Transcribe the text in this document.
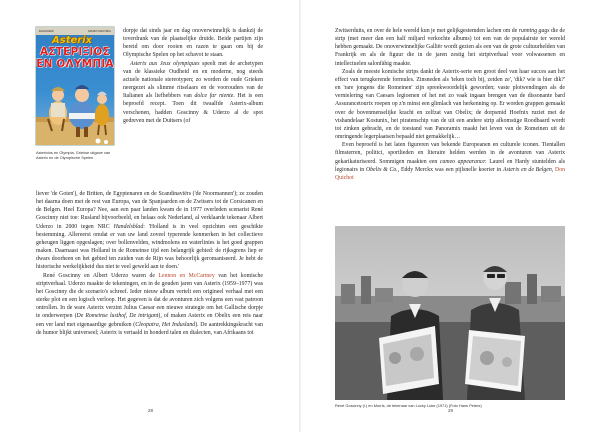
ΕΚΔΟΣΕΙΣ	ΜΑΜΟΥΘΚΟΜΙΞ
Asterix
ΑΣΤΕΡΙΞΙΟΣ
ΕΝ ΟΛΥΜΠΙΑ
Asterixios en Olympia, Griekse uitgave van Asterix en de Olympische Spelen
dorpje dat sinds jaar en dag onoverwinnelijk is dankzij de toverdrank van de plaatselijke druïde. Beide partijen zijn bereid om door rooien en razen te gaan om bij de Olympische Spelen op het schavot te staan.
Asterix aux Jeux olympiques speelt met de archetypen van de klassieke Oudheid en en moderne, nog steeds actuele nationale stereotypen; zo worden de oude Grieken neergezet als slimme ritselaars en de voorouders van de Italianen als liefhebbers van dolce far niente. Het is een beproefd recept. Toen dit twaalfde Asterix-album verschenen, hadden Goscinny & Uderzo al de spot gedreven met de Duitsers (of
liever 'de Goten'), de Britten, de Egyptenaren en de Scandinaviërs ('de Noormannen'); ze zouden het daarna doen met de rest van Europa, van de Spanjaarden en de Zwitsers tot de Corsicanen en de Belgen. Heel Europa? Nee, aan een paar landen kwam de in 1977 overleden scenarist René Goscinny niet toe: Rusland bijvoorbeeld, en helaas ook Nederland, al verklaarde tekenaar Albert Uderzo in 2000 tegen NRC Handelsblad: 'Holland is in veel opzichten een geschikte bestemming. Allereerst omdat er van uw land zoveel typerende kenmerken in het collectieve geheugen liggen opgeslagen; over bollenvelden, windmolens en waterlinies is het goed grappen maken. Daarnaast was Holland in de Romeinse tijd een belangrijk gebied: de rijksgrens liep er dwars doorheen en het gebied ten zuiden van de Rijn was behoorlijk geromaniseerd. Je hebt de historische werkelijkheid dus niet te veel geweld aan te doen.'
René Goscinny en Albert Uderzo waren de Lennon en McCartney van het komische striptverhaal. Uderzo maakte de tekeningen, en in de gouden jaren van Asterix (1959–1977) was het Goscinny die de scenario's schreef. Ieder nieuw album vertelt een origineel verhaal met een sterke plot en een logisch verloop. Het gegeven is dat de avonturen zich volgens een vast patroon ontrollen. In de ware Asterix verzint Julius Caesar een nieuwe strategie om het Gallische dorpje te onderwerpen (De Romeinse lusthof, De intrigant), of maken Asterix en Obelix een reis naar een ver land met eigenaardige gebruiken (Cleopatra, Het Indusland). De aantrekkingskracht van de humor blijkt universeel; Asterix is vertaald in honderd talen en dialecten, van Afrikaans tot
28
Zwitserduits, en over de hele wereld kun je met gelijkgestemden lachen om de running gags die de strip (met meer dan een half miljard verkochte albums) tot een van de populairste ter wereld hebben gemaakt. De onoverwinnelijke Galliër wordt gezien als een van de grote cultuurhelden van Frankrijk en als de figuur die in de jaren zestig het striptverhaal voor volwassenen en intellectuelen salonfähig maakte.
Zoals de meeste komische strips dankt de Asterix-serie een groot deel van haar succes aan het effect van terugkerende formules. Zinsneden als 'teken toch bij, zeiden ze', 'dik? wie is hier dik?' en 'rare jongens die Romeinen' zijn spreekwoordelijk geworden; vaste plotwendingen als de vernielering van Caesars legioenen of het net zo vaak ingaan brengen van de dissonante bard Assurancetourix roepen op z'n minst een glimlach van herkenning op. Er worden grappen gemaakt over de bovenmenselijke kracht en zelfzat van Obelix; de dorpsmid Hoefnix ruziet met de vishandelaar Kostunix, het piratenschip van de uit een andere strip afkomstige Roodbaard wordt tot zinken gebracht, en de toestand van Panoramix maakt het leven van de Romeinen uit de omringende legerplaatsen bepaald niet gemakkelijk…
Even beproefd is het laten figureren van bekende Europeanen en culturele iconen. Tientallen filmsterren, politici, sportlieden en literaire helden werden in de avonturen van Asterix gekarikaturiseerd. Sommigen maakten een cameo appearance: Laurel en Hardy stuntelden als legionairs in Obelix & Co., Eddy Merckx was een pijlsnelle koerier in Asterix en de Belgen, Don Quichot
René Goscinny (l.) en Morris, de tekenaar van Lucky Luke (1971) (Foto Hans Peters)
29
